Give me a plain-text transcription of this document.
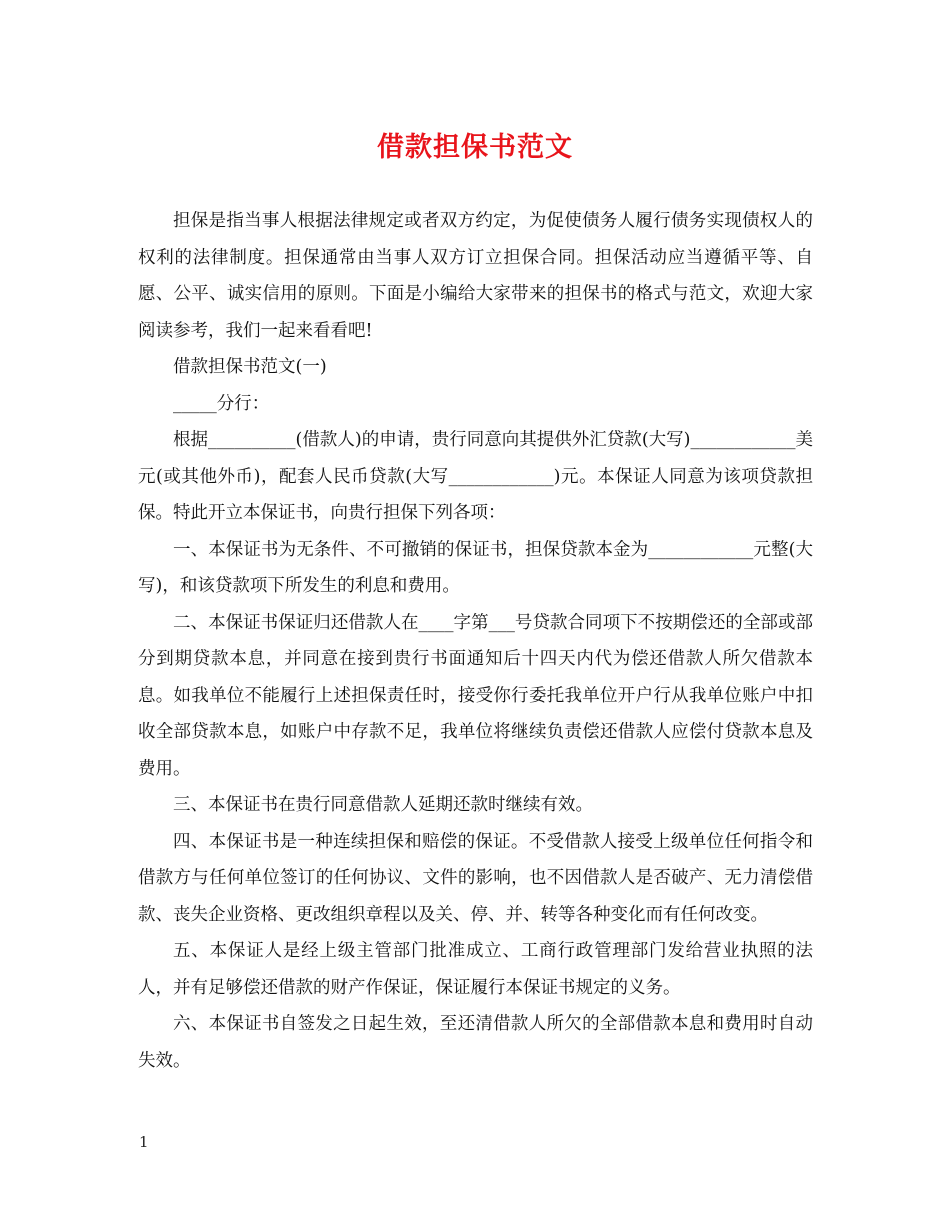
借款担保书范文

担保是指当事人根据法律规定或者双方约定，为促使债务人履行债务实现债权人的权利的法律制度。担保通常由当事人双方订立担保合同。担保活动应当遵循平等、自愿、公平、诚实信用的原则。下面是小编给大家带来的担保书的格式与范文，欢迎大家阅读参考，我们一起来看看吧!

借款担保书范文(一)

_____分行：

根据__________(借款人)的申请，贵行同意向其提供外汇贷款(大写)____________美元(或其他外币)，配套人民币贷款(大写____________)元。本保证人同意为该项贷款担保。特此开立本保证书，向贵行担保下列各项：

一、本保证书为无条件、不可撤销的保证书，担保贷款本金为____________元整(大写)，和该贷款项下所发生的利息和费用。

二、本保证书保证归还借款人在____字第___号贷款合同项下不按期偿还的全部或部分到期贷款本息，并同意在接到贵行书面通知后十四天内代为偿还借款人所欠借款本息。如我单位不能履行上述担保责任时，接受你行委托我单位开户行从我单位账户中扣收全部贷款本息，如账户中存款不足，我单位将继续负责偿还借款人应偿付贷款本息及费用。

三、本保证书在贵行同意借款人延期还款时继续有效。

四、本保证书是一种连续担保和赔偿的保证。不受借款人接受上级单位任何指令和借款方与任何单位签订的任何协议、文件的影响，也不因借款人是否破产、无力清偿借款、丧失企业资格、更改组织章程以及关、停、并、转等各种变化而有任何改变。

五、本保证人是经上级主管部门批准成立、工商行政管理部门发给营业执照的法人，并有足够偿还借款的财产作保证，保证履行本保证书规定的义务。

六、本保证书自签发之日起生效，至还清借款人所欠的全部借款本息和费用时自动失效。

1
